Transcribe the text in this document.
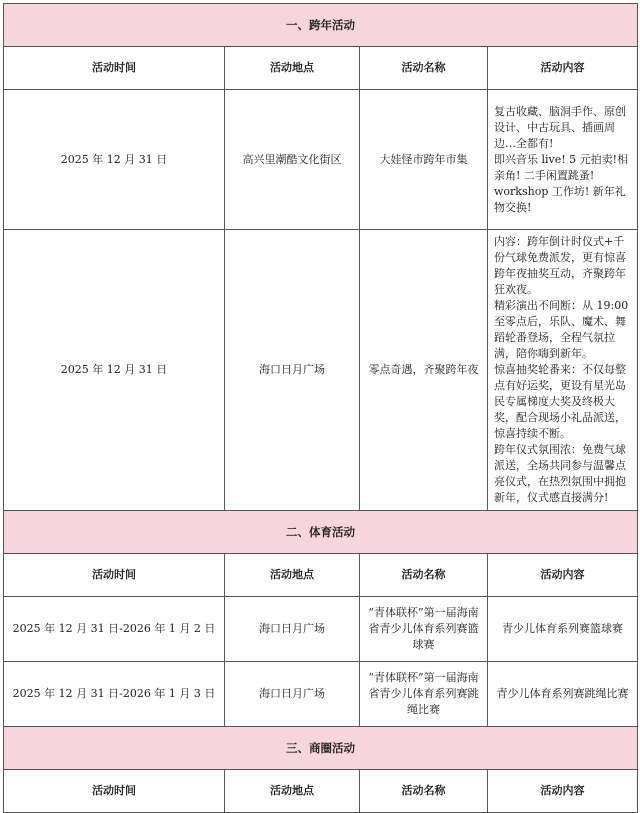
一、跨年活动			
活动时间	活动地点	活动名称	活动内容
2025 年 12 月 31 日	高兴里潮酷文化街区	大娃怪市跨年市集	复古收藏、脑洞手作、原创设计、中古玩具、插画周边…全都有!

即兴音乐 live! 5 元拍卖!相亲角! 二手闲置跳蚤!

workshop 工作坊! 新年礼物交换!

2025 年 12 月 31 日	海口日月广场	零点奇遇，齐聚跨年夜	内容：跨年倒计时仪式+千份气球免费派发，更有惊喜跨年夜抽奖互动，齐聚跨年狂欢夜。

精彩演出不间断：从 19:00 至零点后，乐队、魔术、舞蹈轮番登场，全程气氛拉满，陪你嗨到新年。

惊喜抽奖轮番来：不仅每整点有好运奖，更设有星光岛民专属梯度大奖及终极大奖，配合现场小礼品派送，惊喜持续不断。

跨年仪式氛围浓：免费气球派送，全场共同参与温馨点亮仪式，在热烈氛围中拥抱新年，仪式感直接满分!

二、体育活动			
活动时间	活动地点	活动名称	活动内容
2025 年 12 月 31 日-2026 年 1 月 2 日	海口日月广场	“青体联杯”第一届海南省青少儿体育系列赛篮球赛	青少儿体育系列赛篮球赛
2025 年 12 月 31 日-2026 年 1 月 3 日	海口日月广场	“青体联杯”第一届海南省青少儿体育系列赛跳绳比赛	青少儿体育系列赛跳绳比赛
三、商圈活动			
活动时间	活动地点	活动名称	活动内容
